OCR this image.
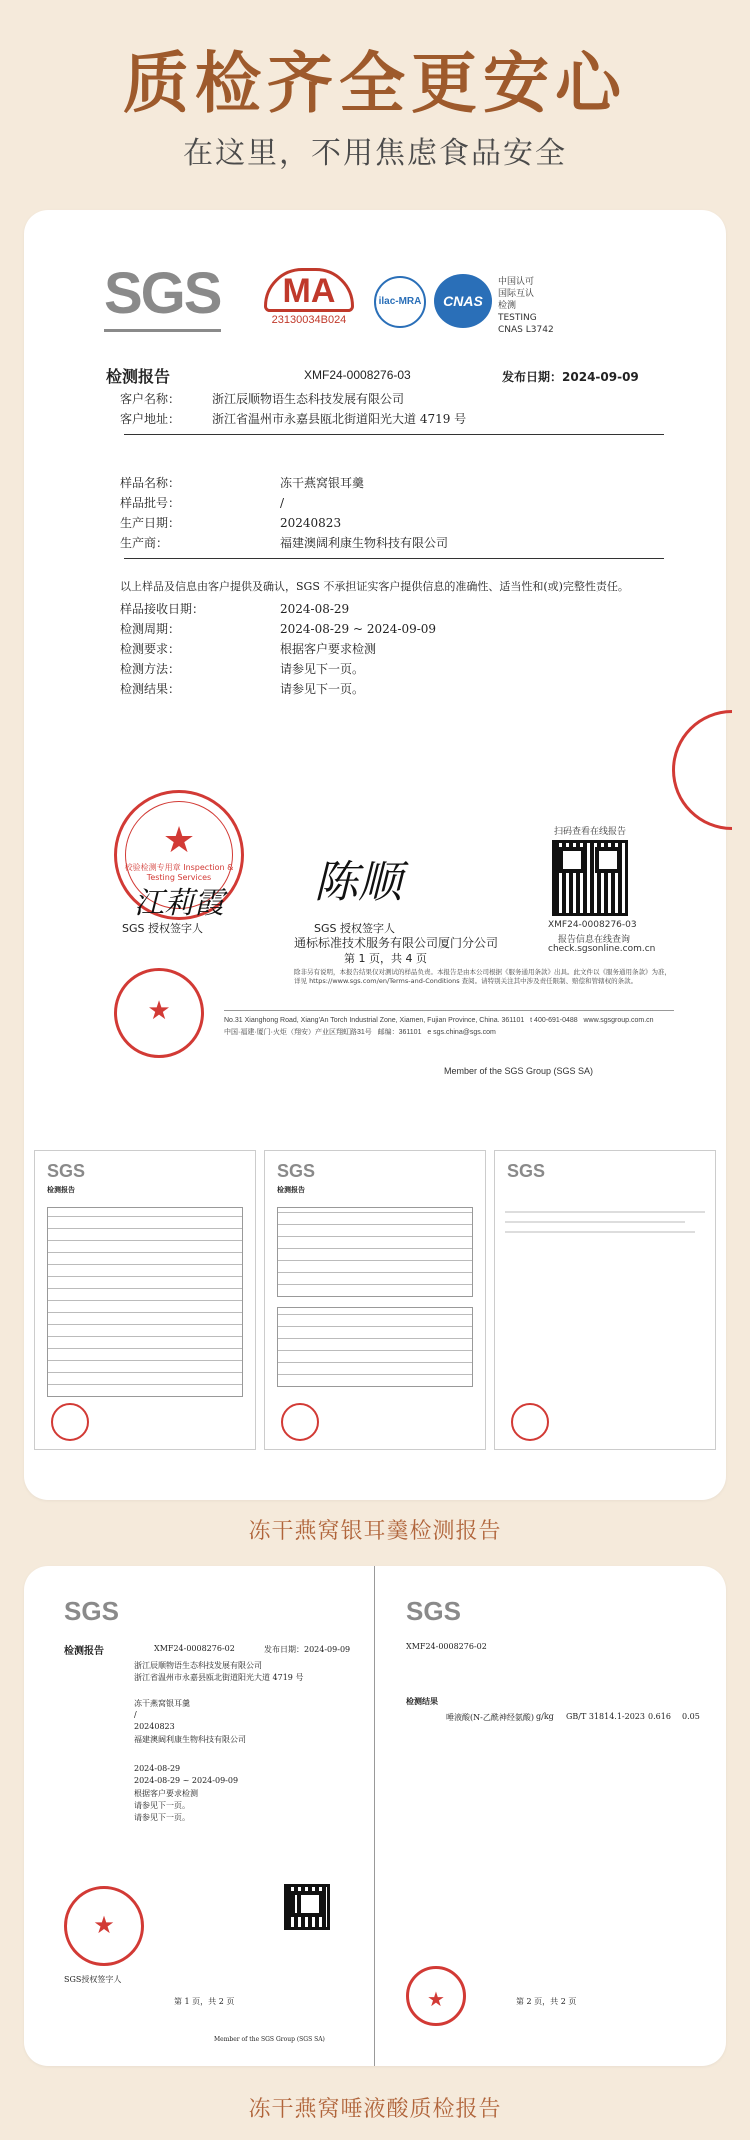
质检齐全更安心
在这里，不用焦虑食品安全
SGS	MA
23130034B024
ilac-MRA	CNAS
中国认可
国际互认
检测
TESTING
CNAS L3742
检测报告	XMF24-0008276-03	发布日期：2024-09-09
客户名称：	浙江辰顺物语生态科技发展有限公司
客户地址：	浙江省温州市永嘉县瓯北街道阳光大道 4719 号
样品名称：	冻干燕窝银耳羹
样品批号：	/
生产日期：	20240823
生产商：	福建澳阔利康生物科技有限公司
以上样品及信息由客户提供及确认，SGS 不承担证实客户提供信息的准确性、适当性和(或)完整性责任。
样品接收日期：	2024-08-29
检测周期：	2024-08-29 ~ 2024-09-09
检测要求：	根据客户要求检测
检测方法：	请参见下一页。
检测结果：	请参见下一页。
★
校验检测专用章 Inspection & Testing Services
江莉霞
SGS 授权签字人
陈顺
SGS 授权签字人
通标标准技术服务有限公司厦门分公司
第 1 页，共 4 页
扫码查看在线报告
XMF24-0008276-03
报告信息在线查询
check.sgsonline.com.cn
★
除非另有说明，本报告结果仅对测试的样品负责。本报告是由本公司根据《服务通用条款》出具。此文件以《服务通用条款》为准，详见 https://www.sgs.com/en/Terms-and-Conditions 查阅。请特别关注其中涉及责任限制、赔偿和管辖权的条款。
No.31 Xianghong Road, Xiang'An Torch Industrial Zone, Xiamen, Fujian Province, China. 361101 t 400-691-0488 www.sgsgroup.com.cn
中国·福建·厦门·火炬（翔安）产业区翔虹路31号 邮编：361101 e sgs.china@sgs.com
Member of the SGS Group (SGS SA)
SGS
检测报告
SGS
检测报告
SGS
冻干燕窝银耳羹检测报告
SGS
检测报告	XMF24-0008276-02	发布日期：2024-09-09
浙江辰顺物语生态科技发展有限公司
浙江省温州市永嘉县瓯北街道阳光大道 4719 号
冻干燕窝银耳羹
/
20240823
福建澳阔利康生物科技有限公司
2024-08-29
2024-08-29 ~ 2024-09-09
根据客户要求检测
请参见下一页。
请参见下一页。
★
SGS授权签字人
第 1 页，共 2 页
Member of the SGS Group (SGS SA)
SGS
XMF24-0008276-02
检测结果
唾液酸(N-乙酰神经氨酸) g/kg GB/T 31814.1-2023 0.616 0.05
★	第 2 页，共 2 页
冻干燕窝唾液酸质检报告
